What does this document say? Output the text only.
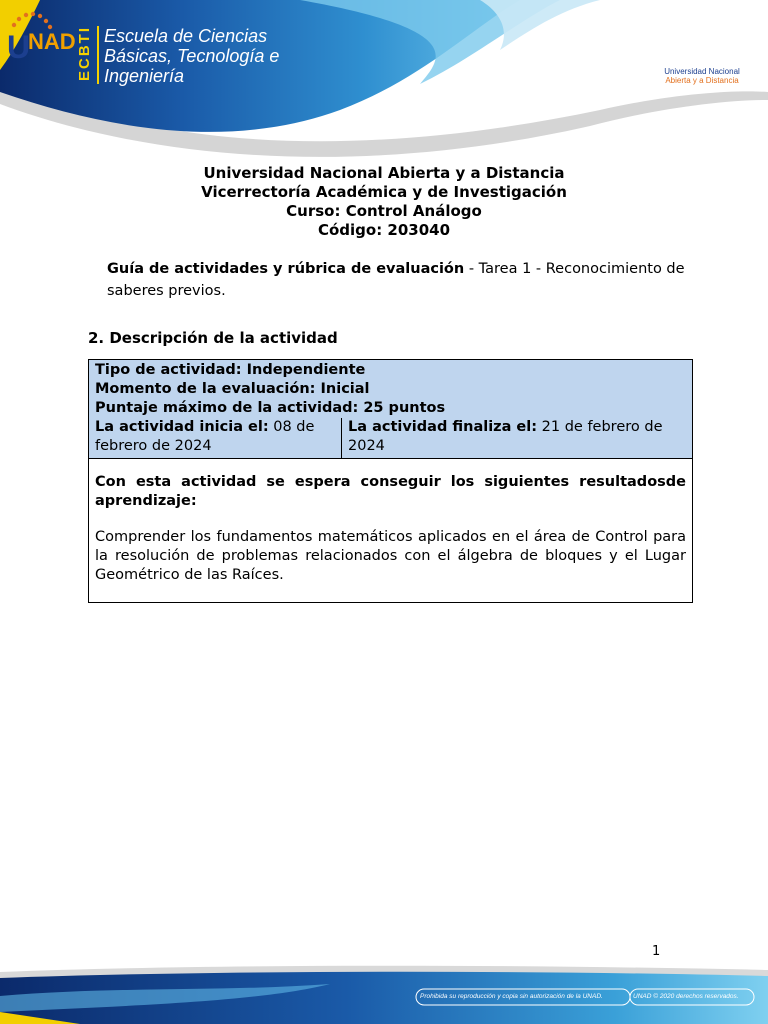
ECBTI Escuela de Ciencias
Básicas, Tecnología e
Ingeniería
U
NAD
Universidad Nacional
Abierta y a Distancia
Universidad Nacional Abierta y a Distancia
Vicerrectoría Académica y de Investigación
Curso: Control Análogo
Código: 203040
Guía de actividades y rúbrica de evaluación - Tarea 1 - Reconocimiento de saberes previos.
2. Descripción de la actividad
Tipo de actividad: Independiente
Momento de la evaluación: Inicial
Puntaje máximo de la actividad: 25 puntos
La actividad inicia el: 08 de febrero de 2024
La actividad finaliza el: 21 de febrero de 2024
Con esta actividad se espera conseguir los siguientes resultadosde aprendizaje:
Comprender los fundamentos matemáticos aplicados en el área de Control para la resolución de problemas relacionados con el álgebra de bloques y el Lugar Geométrico de las Raíces.
1
Prohibida su reproducción y copia sin autorización de la UNAD.	UNAD © 2020 derechos reservados.
